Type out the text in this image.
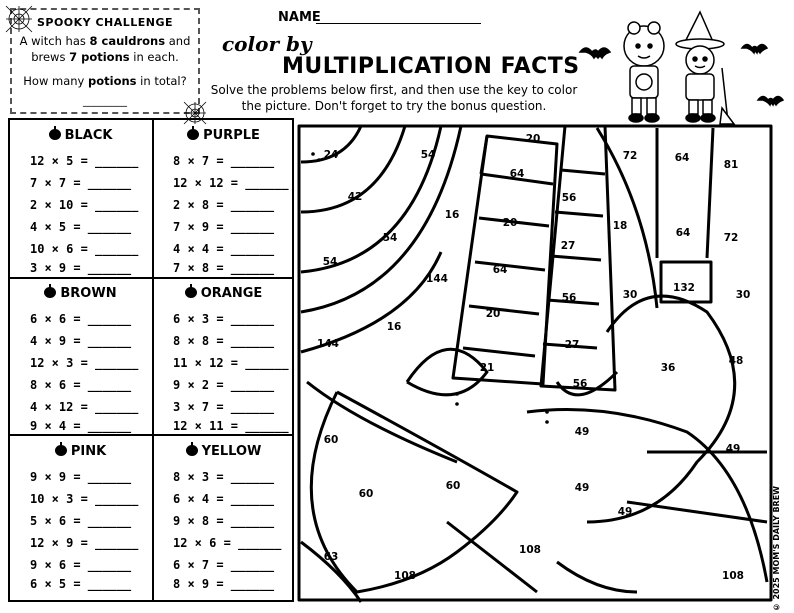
SPOOKY CHALLENGE
A witch has 8 cauldrons and
brews 7 potions in each.
How many potions in total?
________
NAME
color by
MULTIPLICATION FACTS
Solve the problems below first, and then use the key to color the picture. Don't forget to try the bonus question.
BLACK
12 × 5 = ______
7 × 7 = ______
2 × 10 = ______
4 × 5 = ______
10 × 6 = ______
3 × 9 = ______
PURPLE
8 × 7 = ______
12 × 12 = ______
2 × 8 = ______
7 × 9 = ______
4 × 4 = ______
7 × 8 = ______
BROWN
6 × 6 = ______
4 × 9 = ______
12 × 3 = ______
8 × 6 = ______
4 × 12 = ______
9 × 4 = ______
ORANGE
6 × 3 = ______
8 × 8 = ______
11 × 12 = ______
9 × 2 = ______
3 × 7 = ______
12 × 11 = ______
PINK
9 × 9 = ______
10 × 3 = ______
5 × 6 = ______
12 × 9 = ______
9 × 6 = ______
6 × 5 = ______
YELLOW
8 × 3 = ______
6 × 4 = ______
9 × 8 = ______
12 × 6 = ______
6 × 7 = ______
8 × 9 = ______
24	54
42
16
54
54
144
144
16
60
60
60
63
108
20
64
20
64
20
21
56
27
56
27
56
49
49
49
108
72	64
81
18
64	72
30
132
30
36
48
49
108	© 2025 MOM'S DAILY BREW
